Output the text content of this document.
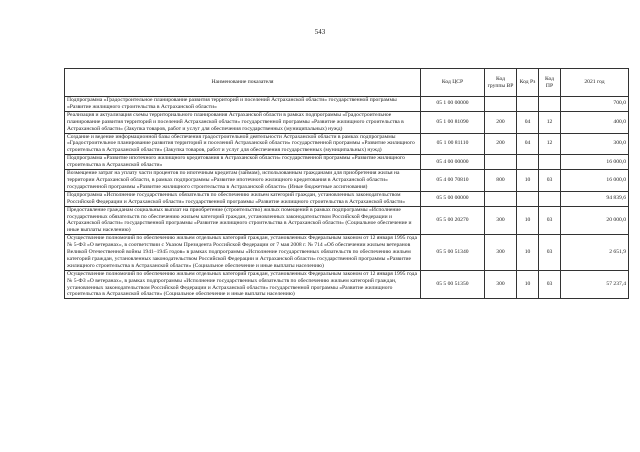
543
Наименование показателя	Код ЦСР	Код группы ВР	Код Рз	Код ПР	2021 год
Подпрограмма «Градостроительное планирование развития территорий и поселений Астраханской области» государственной программы «Развитие жилищного строительства в Астраханской области»	05 1 00 00000				700,0
Реализация и актуализация схемы территориального планирования Астраханской области в рамках подпрограммы «Градостроительное планирование развития территорий и поселений Астраханской области» государственной программы «Развитие жилищного строительства в Астраханской области» (Закупка товаров, работ и услуг для обеспечения государственных (муниципальных) нужд)	05 1 00 81090	200	04	12	400,0
Создание и ведение информационной базы обеспечения градостроительной деятельности Астраханской области в рамках подпрограммы «Градостроительное планирование развития территорий и поселений Астраханской области» государственной программы «Развитие жилищного строительства в Астраханской области» (Закупка товаров, работ и услуг для обеспечения государственных (муниципальных) нужд)	05 1 00 81110	200	04	12	300,0
Подпрограмма «Развитие ипотечного жилищного кредитования в Астраханской области» государственной программы «Развитие жилищного строительства в Астраханской области»	05 4 00 00000				16 000,0
Возмещение затрат на уплату части процентов по ипотечным кредитам (займам), использованным гражданами для приобретения жилья на территории Астраханской области, в рамках подпрограммы «Развитие ипотечного жилищного кредитования в Астраханской области» государственной программы «Развитие жилищного строительства в Астраханской области» (Иные бюджетные ассигнования)	05 4 00 70810	800	10	03	16 000,0
Подпрограмма «Исполнение государственных обязательств по обеспечению жильем категорий граждан, установленных законодательством Российской Федерации и Астраханской области» государственной программы «Развитие жилищного строительства в Астраханской области»	05 5 00 00000				94 839,6
Предоставление гражданам социальных выплат на приобретение (строительство) жилых помещений в рамках подпрограммы «Исполнение государственных обязательств по обеспечению жильем категорий граждан, установленных законодательством Российской Федерации и Астраханской области» государственной программы «Развитие жилищного строительства в Астраханской области» (Социальное обеспечение и иные выплаты населению)	05 5 00 20270	300	10	03	20 000,0
Осуществление полномочий по обеспечению жильем отдельных категорий граждан, установленных Федеральным законом от 12 января 1995 года № 5-ФЗ «О ветеранах», в соответствии с Указом Президента Российской Федерации от 7 мая 2008 г. № 714 «Об обеспечении жильем ветеранов Великой Отечественной войны 1941–1945 годов» в рамках подпрограммы «Исполнение государственных обязательств по обеспечению жильем категорий граждан, установленных законодательством Российской Федерации и Астраханской области» государственной программы «Развитие жилищного строительства в Астраханской области» (Социальное обеспечение и иные выплаты населению)	05 5 00 51340	300	10	03	2 651,9
Осуществление полномочий по обеспечению жильем отдельных категорий граждан, установленных Федеральным законом от 12 января 1995 года № 5-ФЗ «О ветеранах», в рамках подпрограммы «Исполнение государственных обязательств по обеспечению жильем категорий граждан, установленных законодательством Российской Федерации и Астраханской области» государственной программы «Развитие жилищного строительства в Астраханской области» (Социальное обеспечение и иные выплаты населению)	05 5 00 51350	300	10	03	57 237,4
